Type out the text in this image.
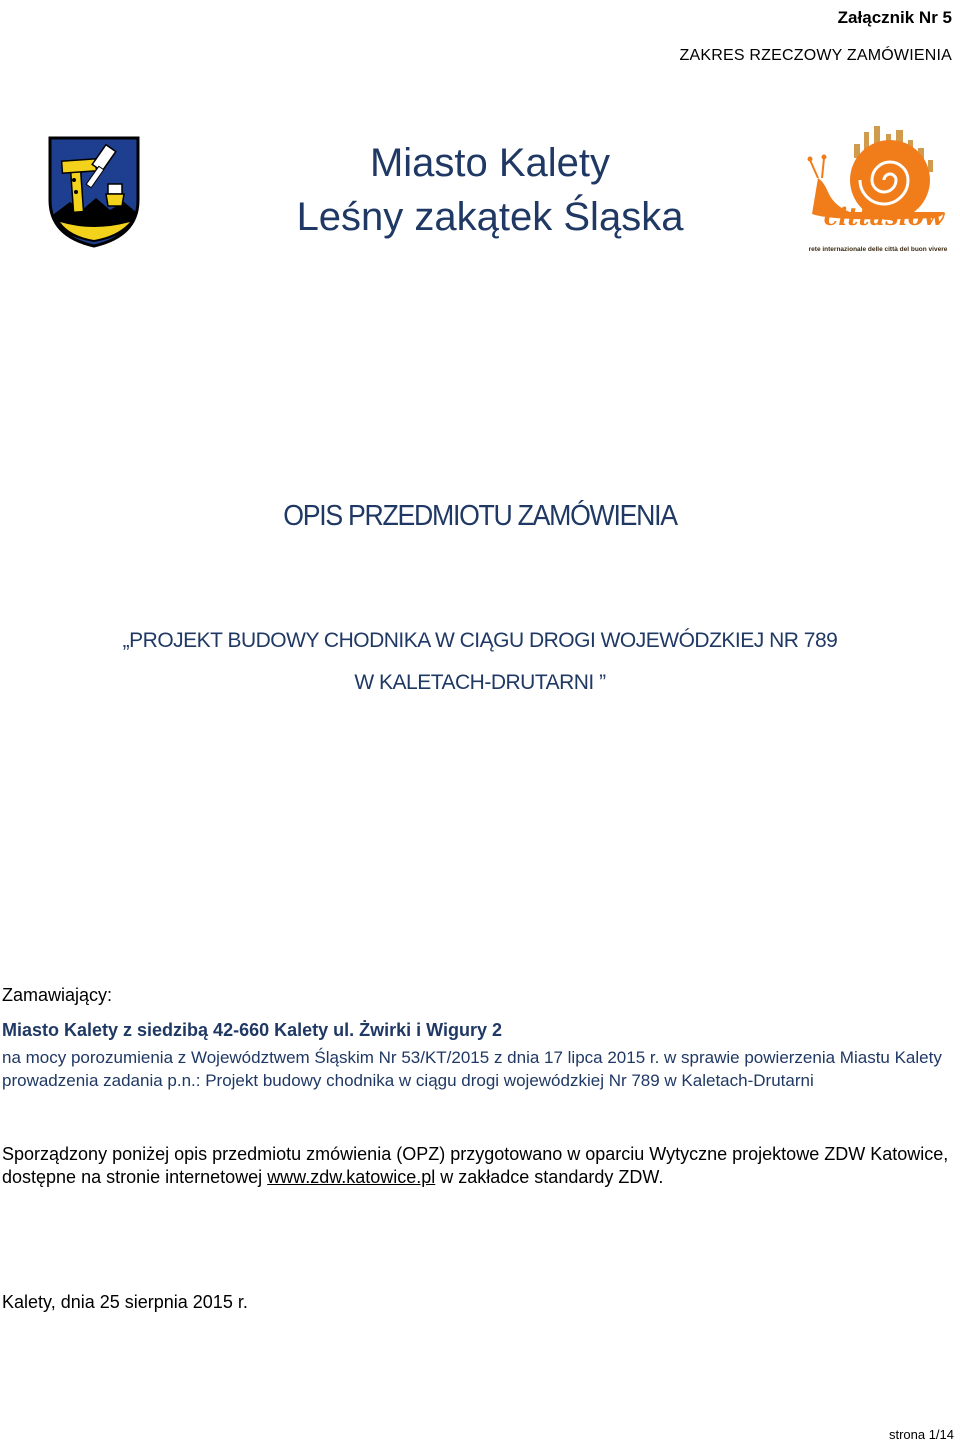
Załącznik Nr 5
ZAKRES RZECZOWY ZAMÓWIENIA
Miasto Kalety
Leśny zakątek Śląska	cittaslow
rete internazionale delle città del buon vivere
OPIS PRZEDMIOTU ZAMÓWIENIA
„PROJEKT BUDOWY CHODNIKA W CIĄGU DROGI WOJEWÓDZKIEJ NR 789
W KALETACH-DRUTARNI ”
Zamawiający:
Miasto Kalety z siedzibą 42-660 Kalety ul. Żwirki i Wigury 2
na mocy porozumienia z Województwem Śląskim Nr 53/KT/2015 z dnia 17 lipca 2015 r. w sprawie powierzenia Miastu Kalety prowadzenia zadania p.n.: Projekt budowy chodnika w ciągu drogi wojewódzkiej Nr 789 w Kaletach-Drutarni
Sporządzony poniżej opis przedmiotu zmówienia (OPZ) przygotowano w oparciu Wytyczne projektowe ZDW Katowice, dostępne na stronie internetowej www.zdw.katowice.pl w zakładce standardy ZDW.
Kalety, dnia 25 sierpnia 2015 r.
strona 1/14
